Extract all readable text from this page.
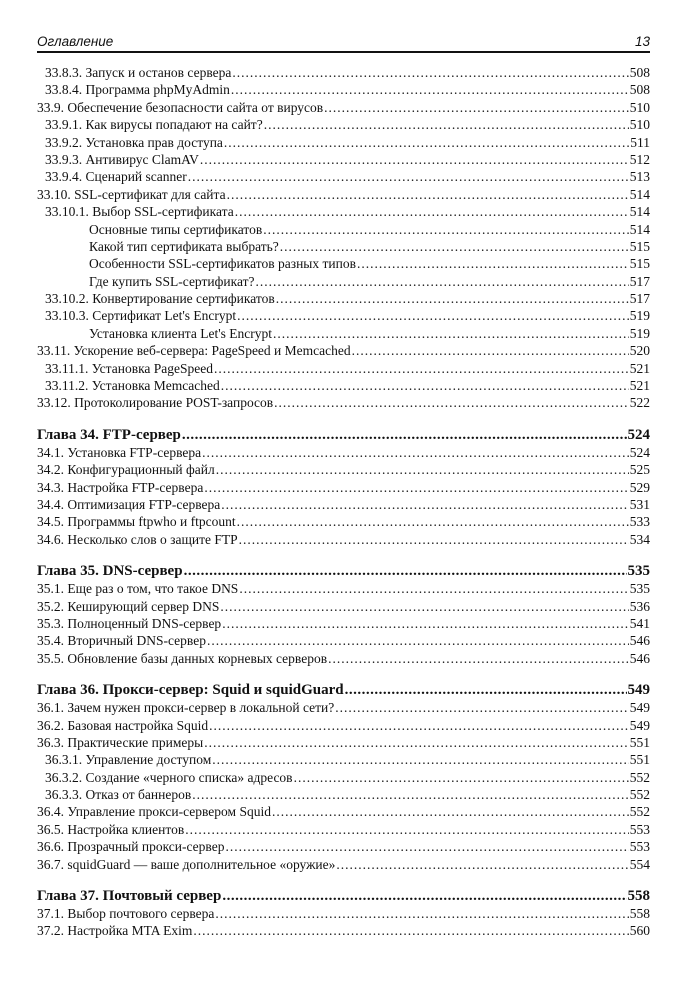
Оглавление	13
33.8.3. Запуск и останов сервера .....	508
33.8.4. Программа phpMyAdmin .....	508
33.9. Обеспечение безопасности сайта от вирусов .....	510
33.9.1. Как вирусы попадают на сайт? .....	510
33.9.2. Установка прав доступа .....	511
33.9.3. Антивирус ClamAV .....	512
33.9.4. Сценарий scanner .....	513
33.10. SSL-сертификат для сайта .....	514
33.10.1. Выбор SSL-сертификата .....	514
Основные типы сертификатов .....	514
Какой тип сертификата выбрать? .....	515
Особенности SSL-сертификатов разных типов .....	515
Где купить SSL-сертификат? .....	517
33.10.2. Конвертирование сертификатов .....	517
33.10.3. Сертификат Let's Encrypt .....	519
Установка клиента Let's Encrypt .....	519
33.11. Ускорение веб-сервера: PageSpeed и Memcached .....	520
33.11.1. Установка PageSpeed .....	521
33.11.2. Установка Memcached .....	521
33.12. Протоколирование POST-запросов .....	522
Глава 34. FTP-сервер .....	524
34.1. Установка FTP-сервера .....	524
34.2. Конфигурационный файл .....	525
34.3. Настройка FTP-сервера .....	529
34.4. Оптимизация FTP-сервера .....	531
34.5. Программы ftpwho и ftpcount .....	533
34.6. Несколько слов о защите FTP .....	534
Глава 35. DNS-сервер .....	535
35.1. Еще раз о том, что такое DNS .....	535
35.2. Кеширующий сервер DNS .....	536
35.3. Полноценный DNS-сервер .....	541
35.4. Вторичный DNS-сервер .....	546
35.5. Обновление базы данных корневых серверов .....	546
Глава 36. Прокси-сервер: Squid и squidGuard .....	549
36.1. Зачем нужен прокси-сервер в локальной сети? .....	549
36.2. Базовая настройка Squid .....	549
36.3. Практические примеры .....	551
36.3.1. Управление доступом .....	551
36.3.2. Создание «черного списка» адресов .....	552
36.3.3. Отказ от баннеров .....	552
36.4. Управление прокси-сервером Squid .....	552
36.5. Настройка клиентов .....	553
36.6. Прозрачный прокси-сервер .....	553
36.7. squidGuard — ваше дополнительное «оружие» .....	554
Глава 37. Почтовый сервер .....	558
37.1. Выбор почтового сервера .....	558
37.2. Настройка MTA Exim .....	560
